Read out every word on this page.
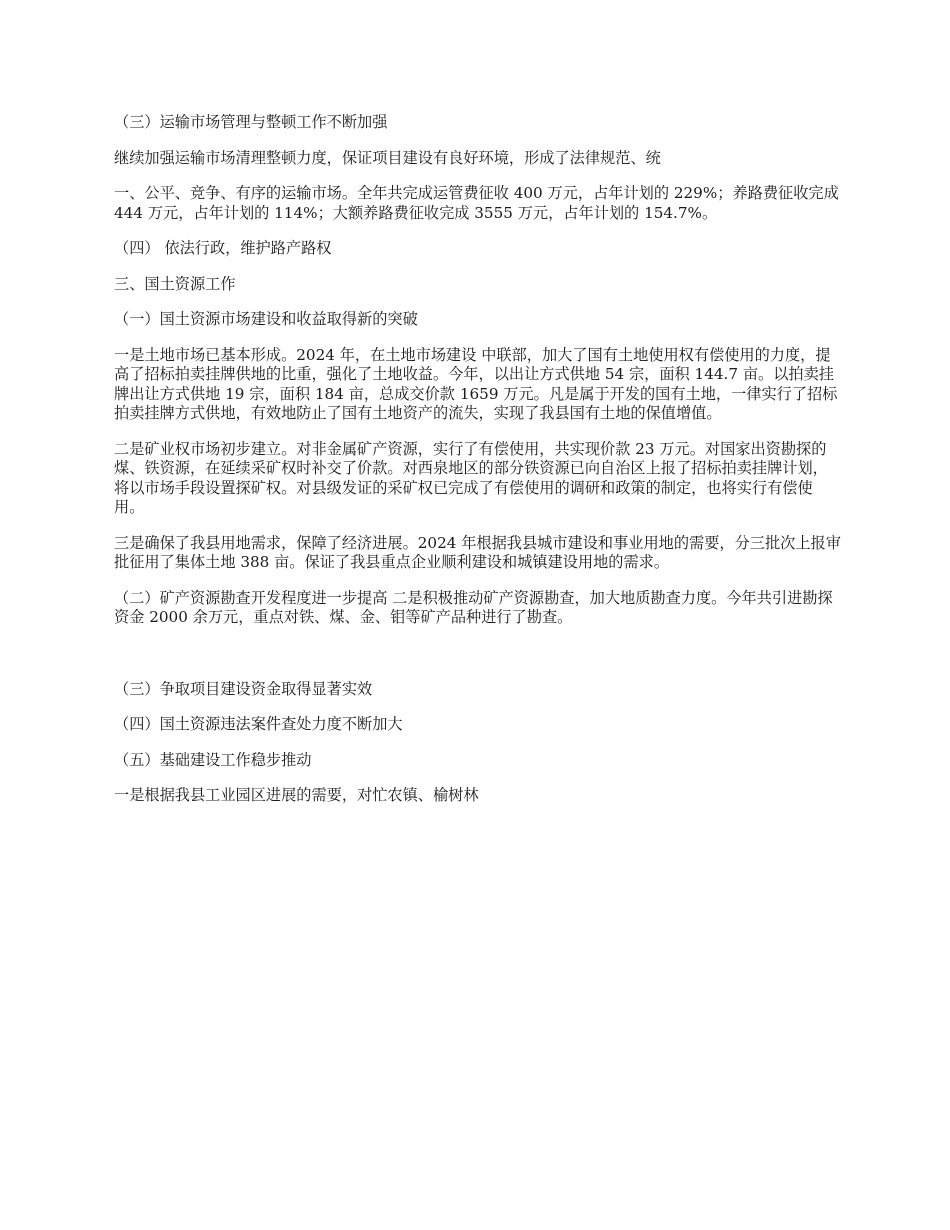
（三）运输市场管理与整顿工作不断加强

继续加强运输市场清理整顿力度，保证项目建设有良好环境，形成了法律规范、统

一、公平、竞争、有序的运输市场。全年共完成运管费征收 400 万元，占年计划的 229%；养路费征收完成 444 万元，占年计划的 114%；大额养路费征收完成 3555 万元，占年计划的 154.7%。

（四） 依法行政，维护路产路权

三、国土资源工作

（一）国土资源市场建设和收益取得新的突破

一是土地市场已基本形成。2024 年，在土地市场建设 中联部，加大了国有土地使用权有偿使用的力度，提高了招标拍卖挂牌供地的比重，强化了土地收益。今年，以出让方式供地 54 宗，面积 144.7 亩。以拍卖挂牌出让方式供地 19 宗，面积 184 亩，总成交价款 1659 万元。凡是属于开发的国有土地，一律实行了招标拍卖挂牌方式供地，有效地防止了国有土地资产的流失，实现了我县国有土地的保值增值。

二是矿业权市场初步建立。对非金属矿产资源，实行了有偿使用，共实现价款 23 万元。对国家出资勘探的煤、铁资源，在延续采矿权时补交了价款。对西泉地区的部分铁资源已向自治区上报了招标拍卖挂牌计划，将以市场手段设置探矿权。对县级发证的采矿权已完成了有偿使用的调研和政策的制定，也将实行有偿使用。

三是确保了我县用地需求，保障了经济进展。2024 年根据我县城市建设和事业用地的需要，分三批次上报审批征用了集体土地 388 亩。保证了我县重点企业顺利建设和城镇建设用地的需求。

（二）矿产资源勘查开发程度进一步提高 二是积极推动矿产资源勘查，加大地质勘查力度。今年共引进勘探资金 2000 余万元，重点对铁、煤、金、钼等矿产品种进行了勘查。

（三）争取项目建设资金取得显著实效

（四）国土资源违法案件查处力度不断加大

（五）基础建设工作稳步推动

一是根据我县工业园区进展的需要，对忙农镇、榆树林
